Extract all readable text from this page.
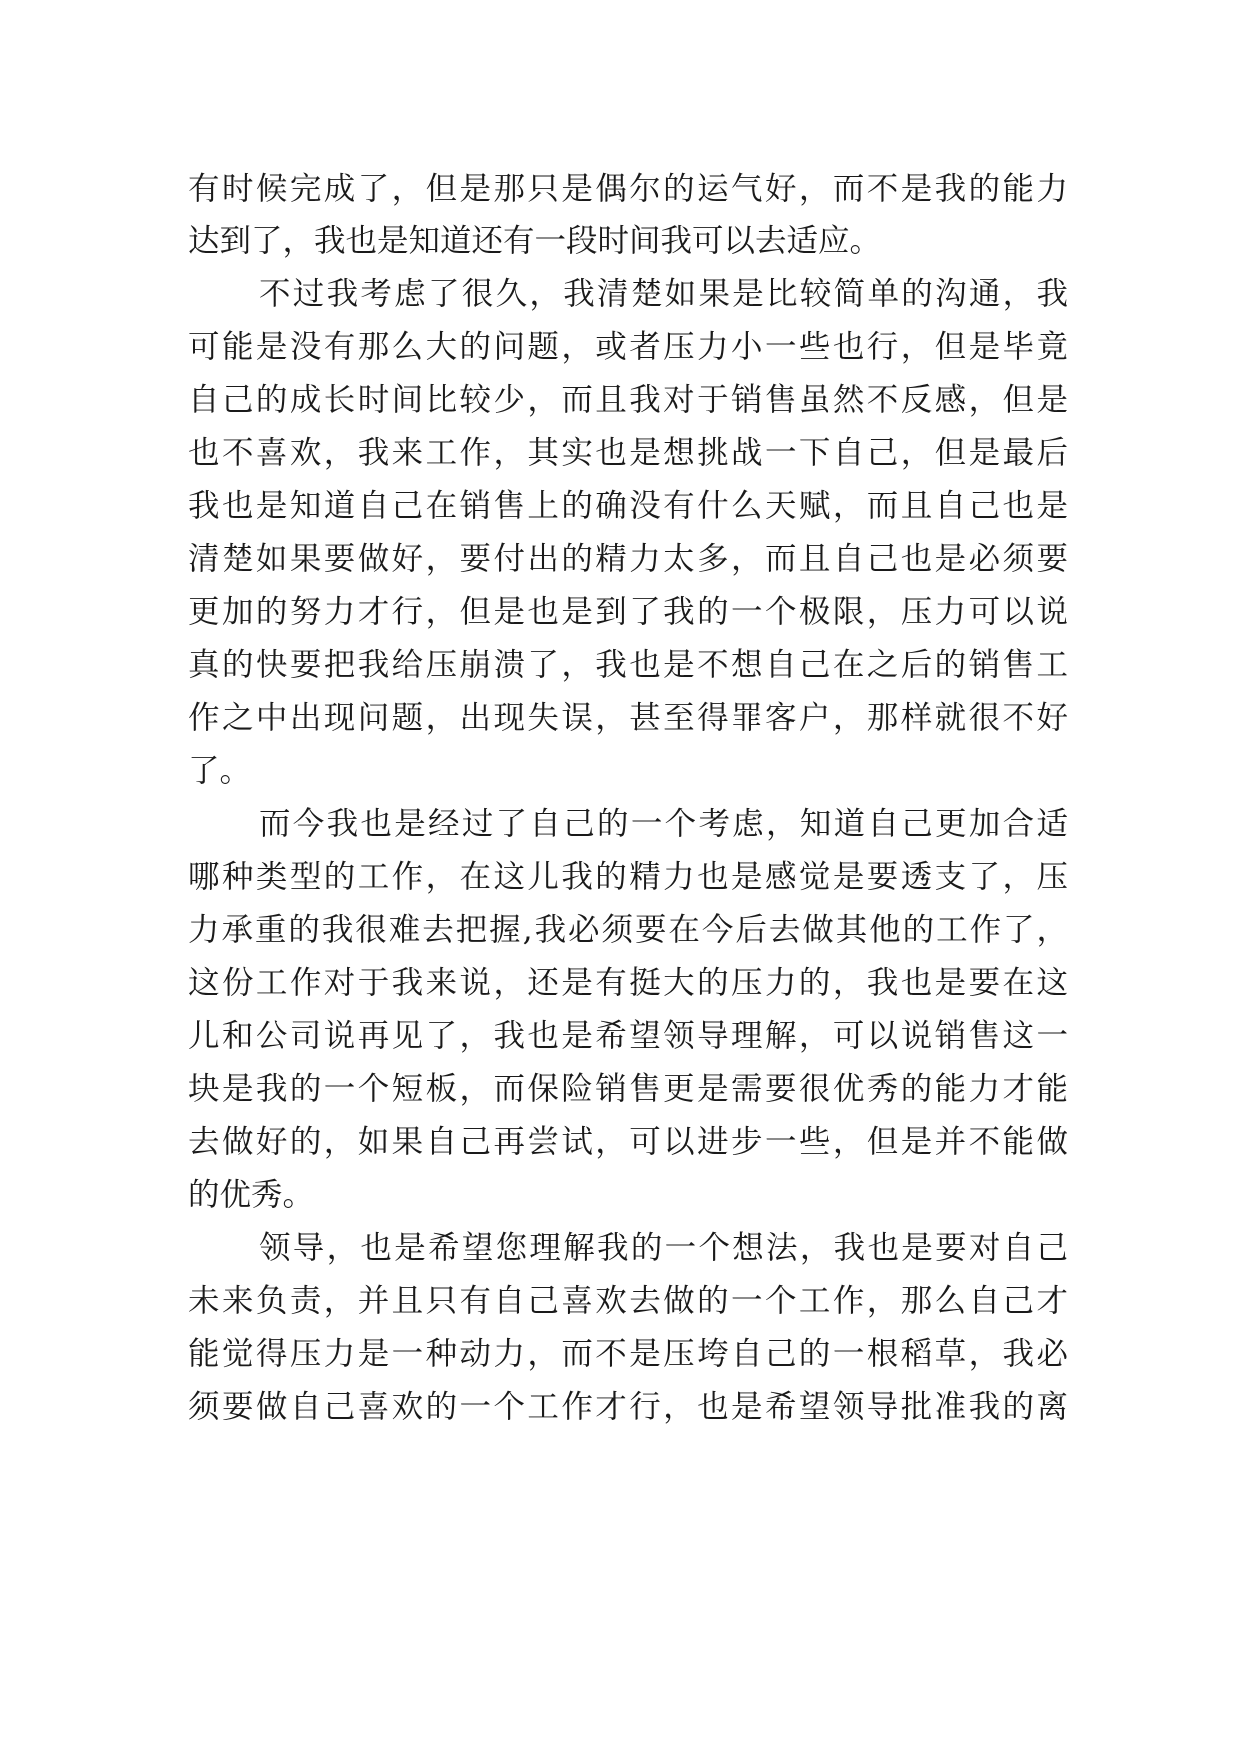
有时候完成了，但是那只是偶尔的运气好，而不是我的能力
达到了，我也是知道还有一段时间我可以去适应。
不过我考虑了很久，我清楚如果是比较简单的沟通，我
可能是没有那么大的问题，或者压力小一些也行，但是毕竟
自己的成长时间比较少，而且我对于销售虽然不反感，但是
也不喜欢，我来工作，其实也是想挑战一下自己，但是最后
我也是知道自己在销售上的确没有什么天赋，而且自己也是
清楚如果要做好，要付出的精力太多，而且自己也是必须要
更加的努力才行，但是也是到了我的一个极限，压力可以说
真的快要把我给压崩溃了，我也是不想自己在之后的销售工
作之中出现问题，出现失误，甚至得罪客户，那样就很不好
了。
而今我也是经过了自己的一个考虑，知道自己更加合适
哪种类型的工作，在这儿我的精力也是感觉是要透支了，压
力承重的我很难去把握,我必须要在今后去做其他的工作了，
这份工作对于我来说，还是有挺大的压力的，我也是要在这
儿和公司说再见了，我也是希望领导理解，可以说销售这一
块是我的一个短板，而保险销售更是需要很优秀的能力才能
去做好的，如果自己再尝试，可以进步一些，但是并不能做
的优秀。
领导，也是希望您理解我的一个想法，我也是要对自己
未来负责，并且只有自己喜欢去做的一个工作，那么自己才
能觉得压力是一种动力，而不是压垮自己的一根稻草，我必
须要做自己喜欢的一个工作才行，也是希望领导批准我的离
